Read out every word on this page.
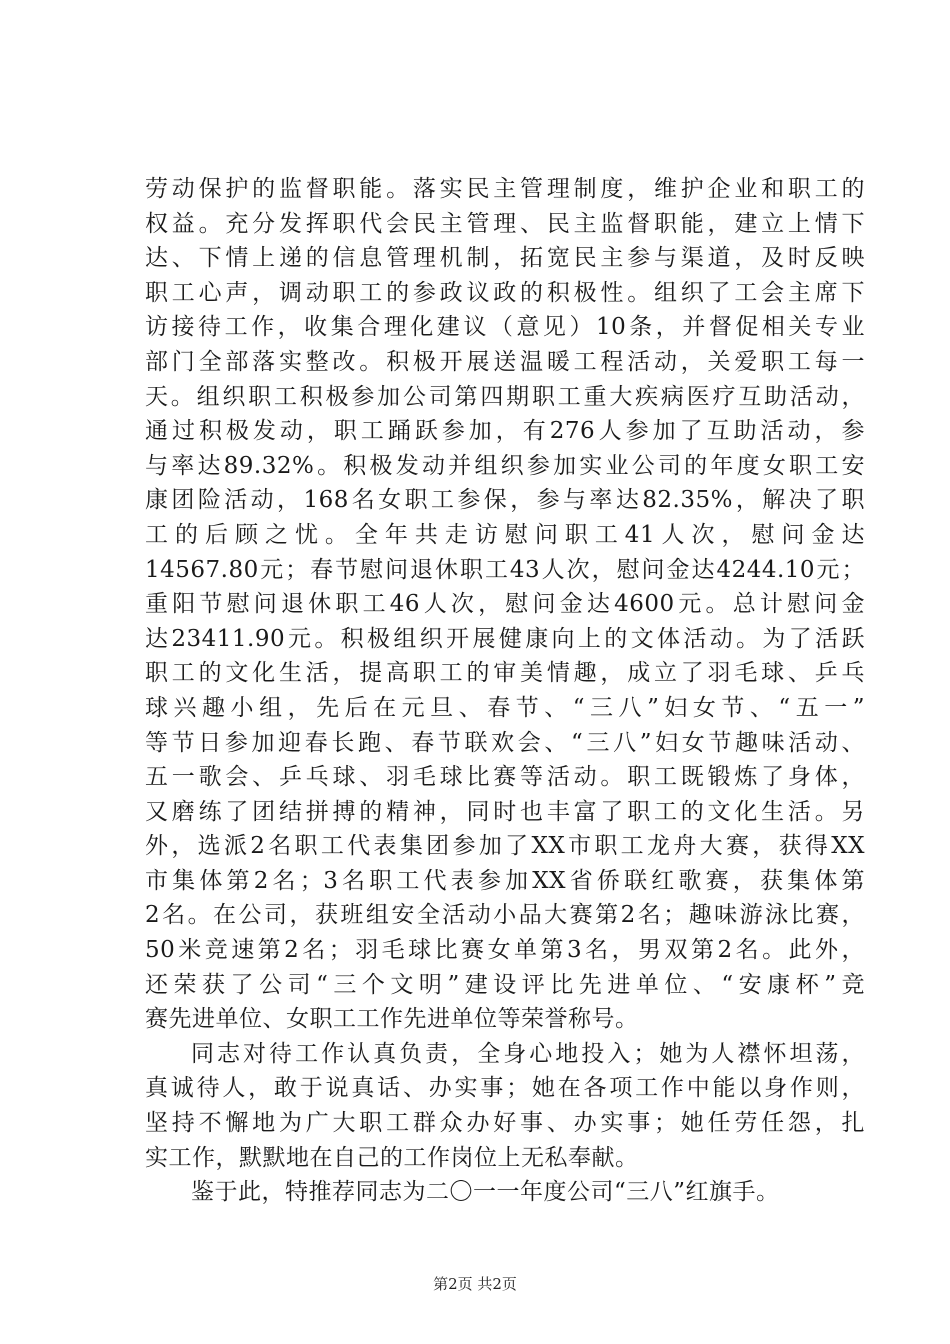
劳动保护的监督职能。落实民主管理制度，维护企业和职工的
权益。充分发挥职代会民主管理、民主监督职能，建立上情下
达、下情上递的信息管理机制，拓宽民主参与渠道，及时反映
职工心声，调动职工的参政议政的积极性。组织了工会主席下
访接待工作，收集合理化建议（意见）10条，并督促相关专业
部门全部落实整改。积极开展送温暖工程活动，关爱职工每一
天。组织职工积极参加公司第四期职工重大疾病医疗互助活动，
通过积极发动，职工踊跃参加，有276人参加了互助活动，参
与率达89.32%。积极发动并组织参加实业公司的年度女职工安
康团险活动，168名女职工参保，参与率达82.35%，解决了职
工的后顾之忧。全年共走访慰问职工41人次，慰问金达
14567.80元；春节慰问退休职工43人次，慰问金达4244.10元；
重阳节慰问退休职工46人次，慰问金达4600元。总计慰问金
达23411.90元。积极组织开展健康向上的文体活动。为了活跃
职工的文化生活，提高职工的审美情趣，成立了羽毛球、乒乓
球兴趣小组，先后在元旦、春节、“三八”妇女节、“五一”
等节日参加迎春长跑、春节联欢会、“三八”妇女节趣味活动、
五一歌会、乒乓球、羽毛球比赛等活动。职工既锻炼了身体，
又磨练了团结拼搏的精神，同时也丰富了职工的文化生活。另
外，选派2名职工代表集团参加了XX市职工龙舟大赛，获得XX
市集体第2名；3名职工代表参加XX省侨联红歌赛，获集体第
2名。在公司，获班组安全活动小品大赛第2名；趣味游泳比赛，
50米竞速第2名；羽毛球比赛女单第3名，男双第2名。此外，
还荣获了公司“三个文明”建设评比先进单位、“安康杯”竞
赛先进单位、女职工工作先进单位等荣誉称号。
同志对待工作认真负责，全身心地投入；她为人襟怀坦荡，
真诚待人，敢于说真话、办实事；她在各项工作中能以身作则，
坚持不懈地为广大职工群众办好事、办实事；她任劳任怨，扎
实工作，默默地在自己的工作岗位上无私奉献。
鉴于此，特推荐同志为二〇一一年度公司“三八”红旗手。
第2页 共2页
